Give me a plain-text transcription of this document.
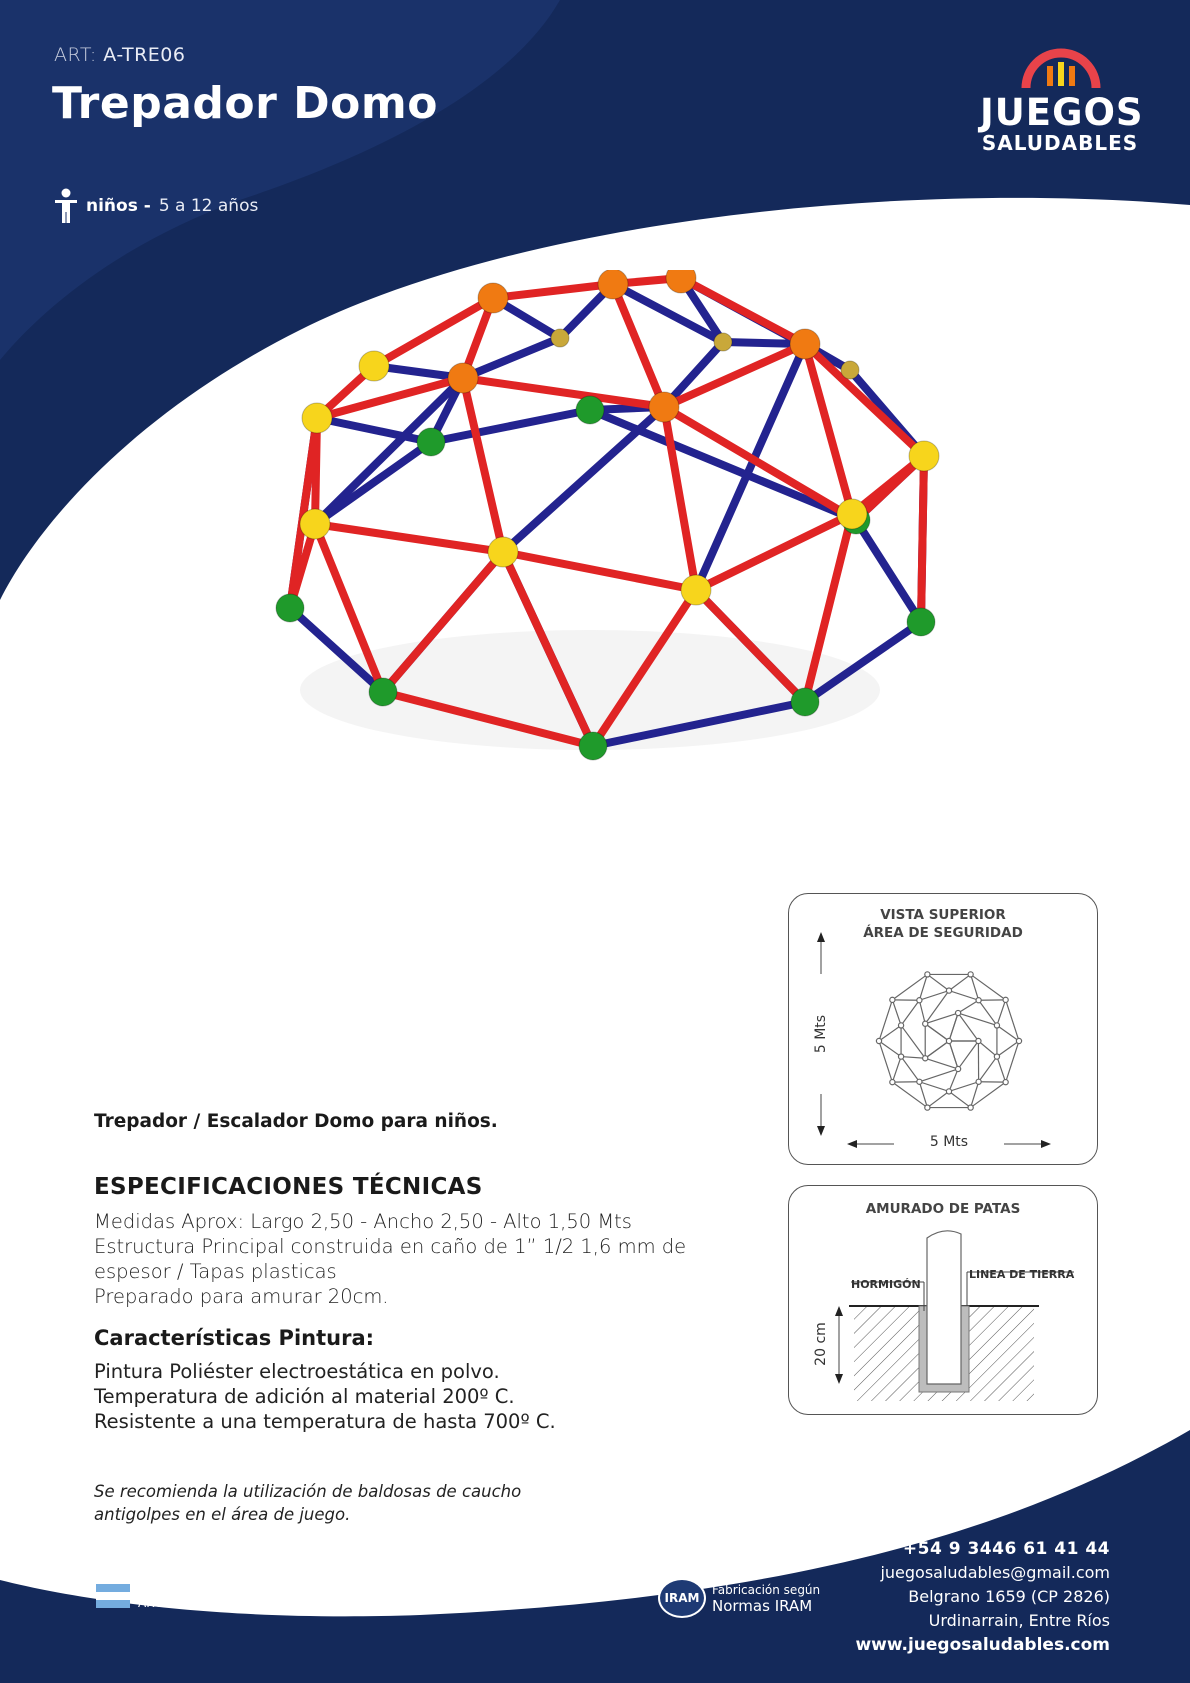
ART: A-TRE06
Trepador Domo
niños - 5 a 12 años
JUEGOS
SALUDABLES
VISTA SUPERIOR
ÁREA DE SEGURIDAD
5 Mts
5 Mts
AMURADO DE PATAS
HORMIGÓN
LINEA DE TIERRA
20 cm
Trepador / Escalador Domo para niños.
ESPECIFICACIONES TÉCNICAS
Medidas Aprox: Largo 2,50 - Ancho 2,50 - Alto 1,50 Mts
Estructura Principal construida en caño de 1” 1/2 1,6 mm de
espesor / Tapas plasticas
Preparado para amurar 20cm.
Características Pintura:
Pintura Poliéster electroestática en polvo.
Temperatura de adición al material 200º C.
Resistente a una temperatura de hasta 700º C.
Se recomienda la utilización de baldosas de caucho
antigolpes en el área de juego.
+54 9 3446 61 41 44
juegosaludables@gmail.com
Belgrano 1659 (CP 2826)
Urdinarrain, Entre Ríos
www.juegosaludables.com
INDUSTRIA
ARGENTINA	IRAM
Fabricación según
Normas IRAM
